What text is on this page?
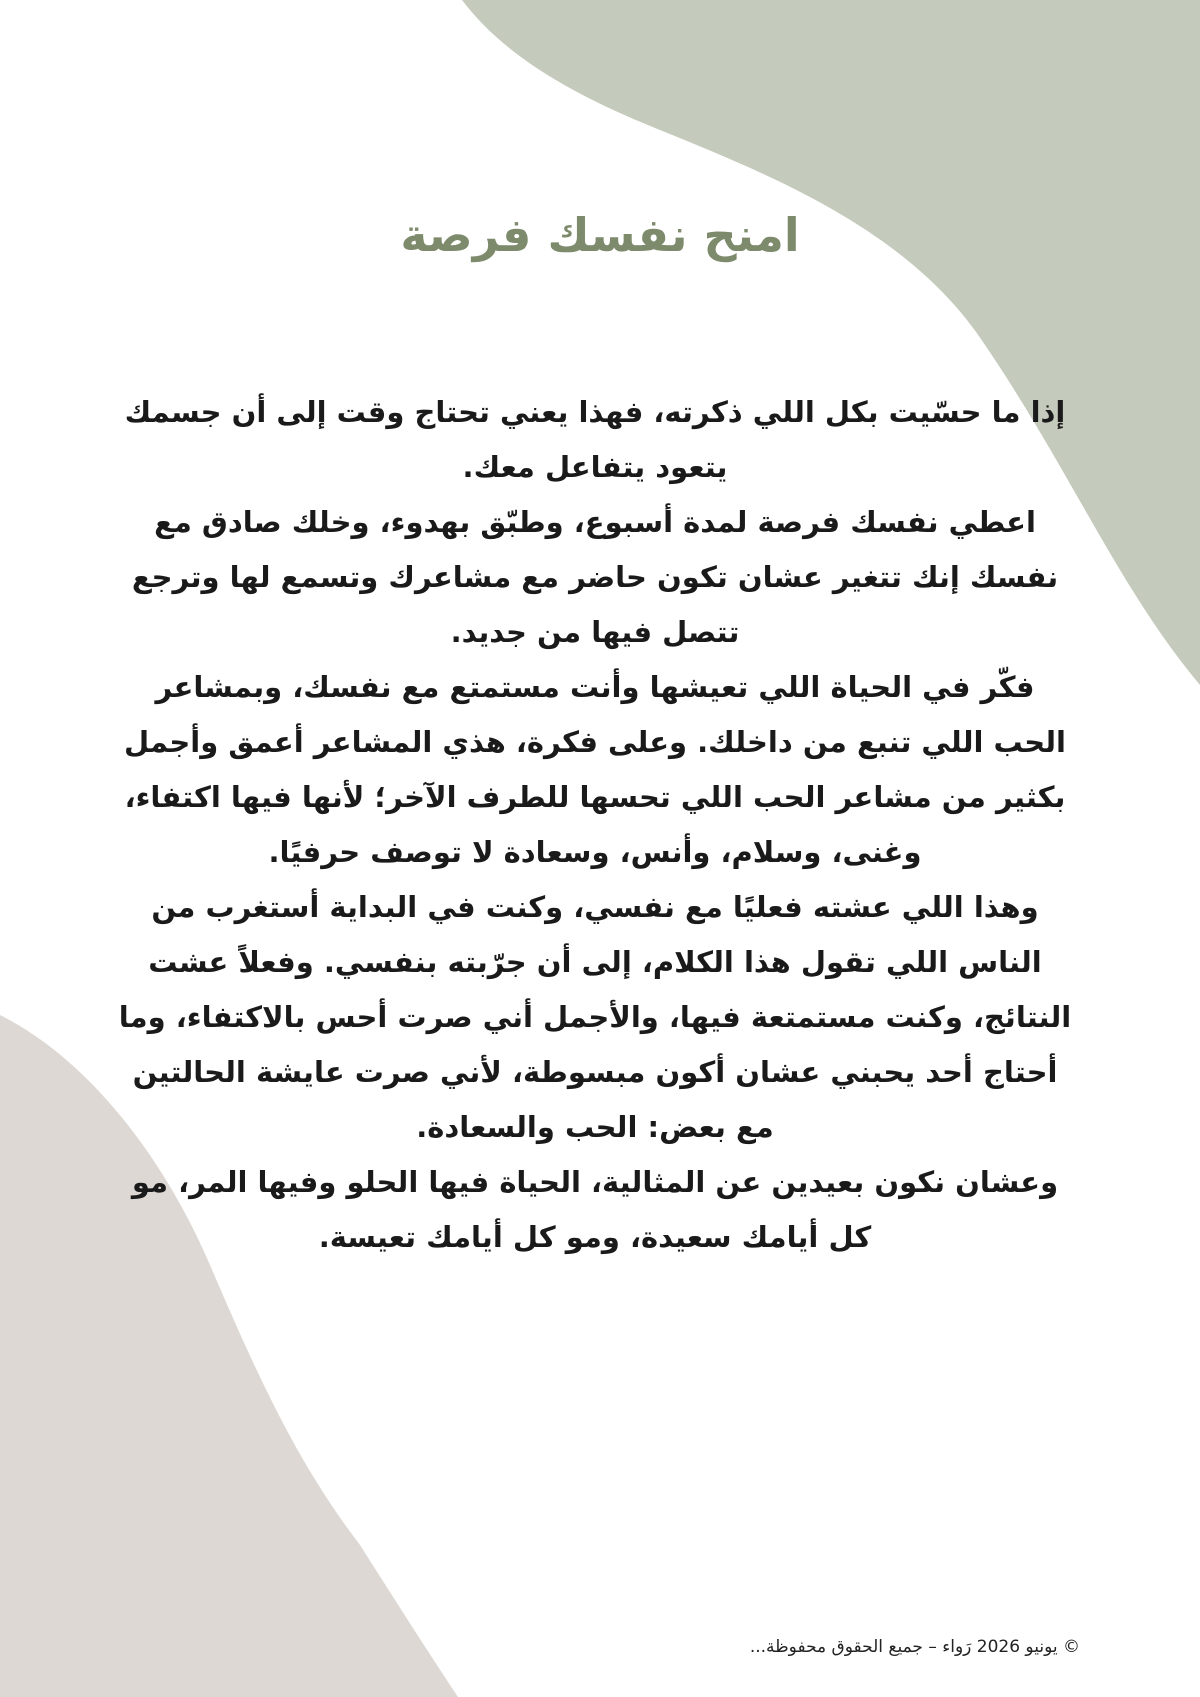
امنح نفسك فرصة

إذا ما حسّيت بكل اللي ذكرته، فهذا يعني تحتاج وقت إلى أن جسمك يتعود يتفاعل معك.

اعطي نفسك فرصة لمدة أسبوع، وطبّق بهدوء، وخلك صادق مع نفسك إنك تتغير عشان تكون حاضر مع مشاعرك وتسمع لها وترجع تتصل فيها من جديد.

فكّر في الحياة اللي تعيشها وأنت مستمتع مع نفسك، وبمشاعر الحب اللي تنبع من داخلك. وعلى فكرة، هذي المشاعر أعمق وأجمل بكثير من مشاعر الحب اللي تحسها للطرف الآخر؛ لأنها فيها اكتفاء، وغنى، وسلام، وأنس، وسعادة لا توصف حرفيًا.

وهذا اللي عشته فعليًا مع نفسي، وكنت في البداية أستغرب من الناس اللي تقول هذا الكلام، إلى أن جرّبته بنفسي. وفعلاً عشت النتائج، وكنت مستمتعة فيها، والأجمل أني صرت أحس بالاكتفاء، وما أحتاج أحد يحبني عشان أكون مبسوطة، لأني صرت عايشة الحالتين مع بعض: الحب والسعادة.

وعشان نكون بعيدين عن المثالية، الحياة فيها الحلو وفيها المر، مو كل أيامك سعيدة، ومو كل أيامك تعيسة.

© يونيو 2026 رَواء – جميع الحقوق محفوظة...
